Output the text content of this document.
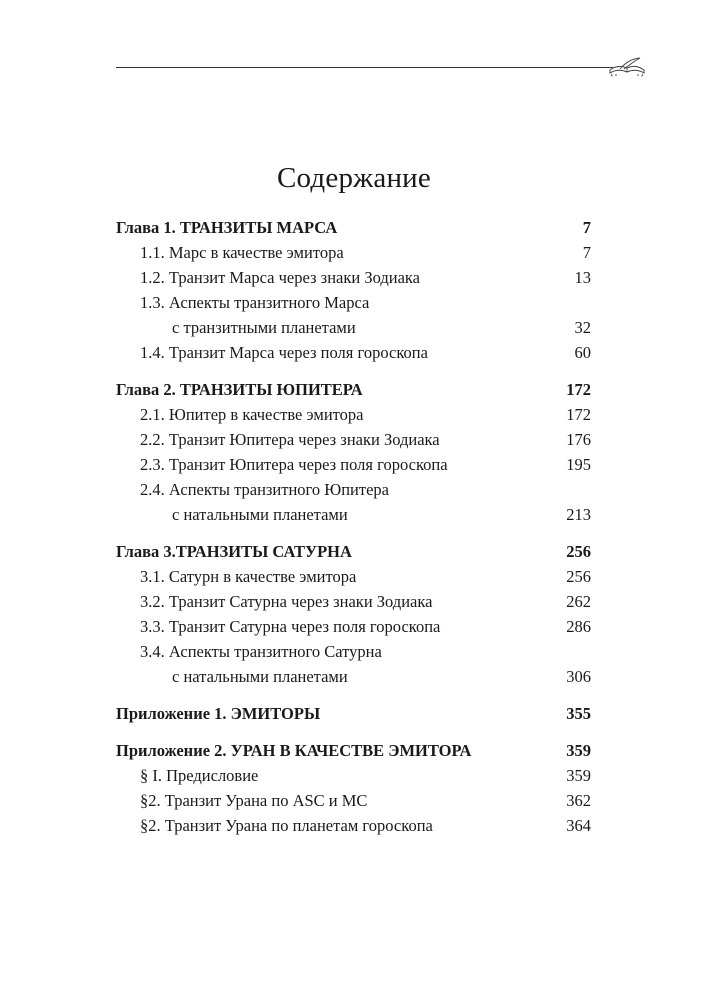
Содержание
Глава 1. ТРАНЗИТЫ МАРСА	7
1.1. Марс в качестве эмитора	7
1.2. Транзит Марса через знаки Зодиака	13
1.3. Аспекты транзитного Марса
с транзитными планетами	32
1.4. Транзит Марса через поля гороскопа	60
Глава 2. ТРАНЗИТЫ ЮПИТЕРА	172
2.1. Юпитер в качестве эмитора	172
2.2. Транзит Юпитера через знаки Зодиака	176
2.3. Транзит Юпитера через поля гороскопа	195
2.4. Аспекты транзитного Юпитера
с натальными планетами	213
Глава 3.ТРАНЗИТЫ САТУРНА	256
3.1. Сатурн в качестве эмитора	256
3.2. Транзит Сатурна через знаки Зодиака	262
3.3. Транзит Сатурна через поля гороскопа	286
3.4. Аспекты транзитного Сатурна
с натальными планетами	306
Приложение 1. ЭМИТОРЫ	355
Приложение 2. УРАН В КАЧЕСТВЕ ЭМИТОРА	359
§ I. Предисловие	359
§2. Транзит Урана по ASC и MC	362
§2. Транзит Урана по планетам гороскопа	364
